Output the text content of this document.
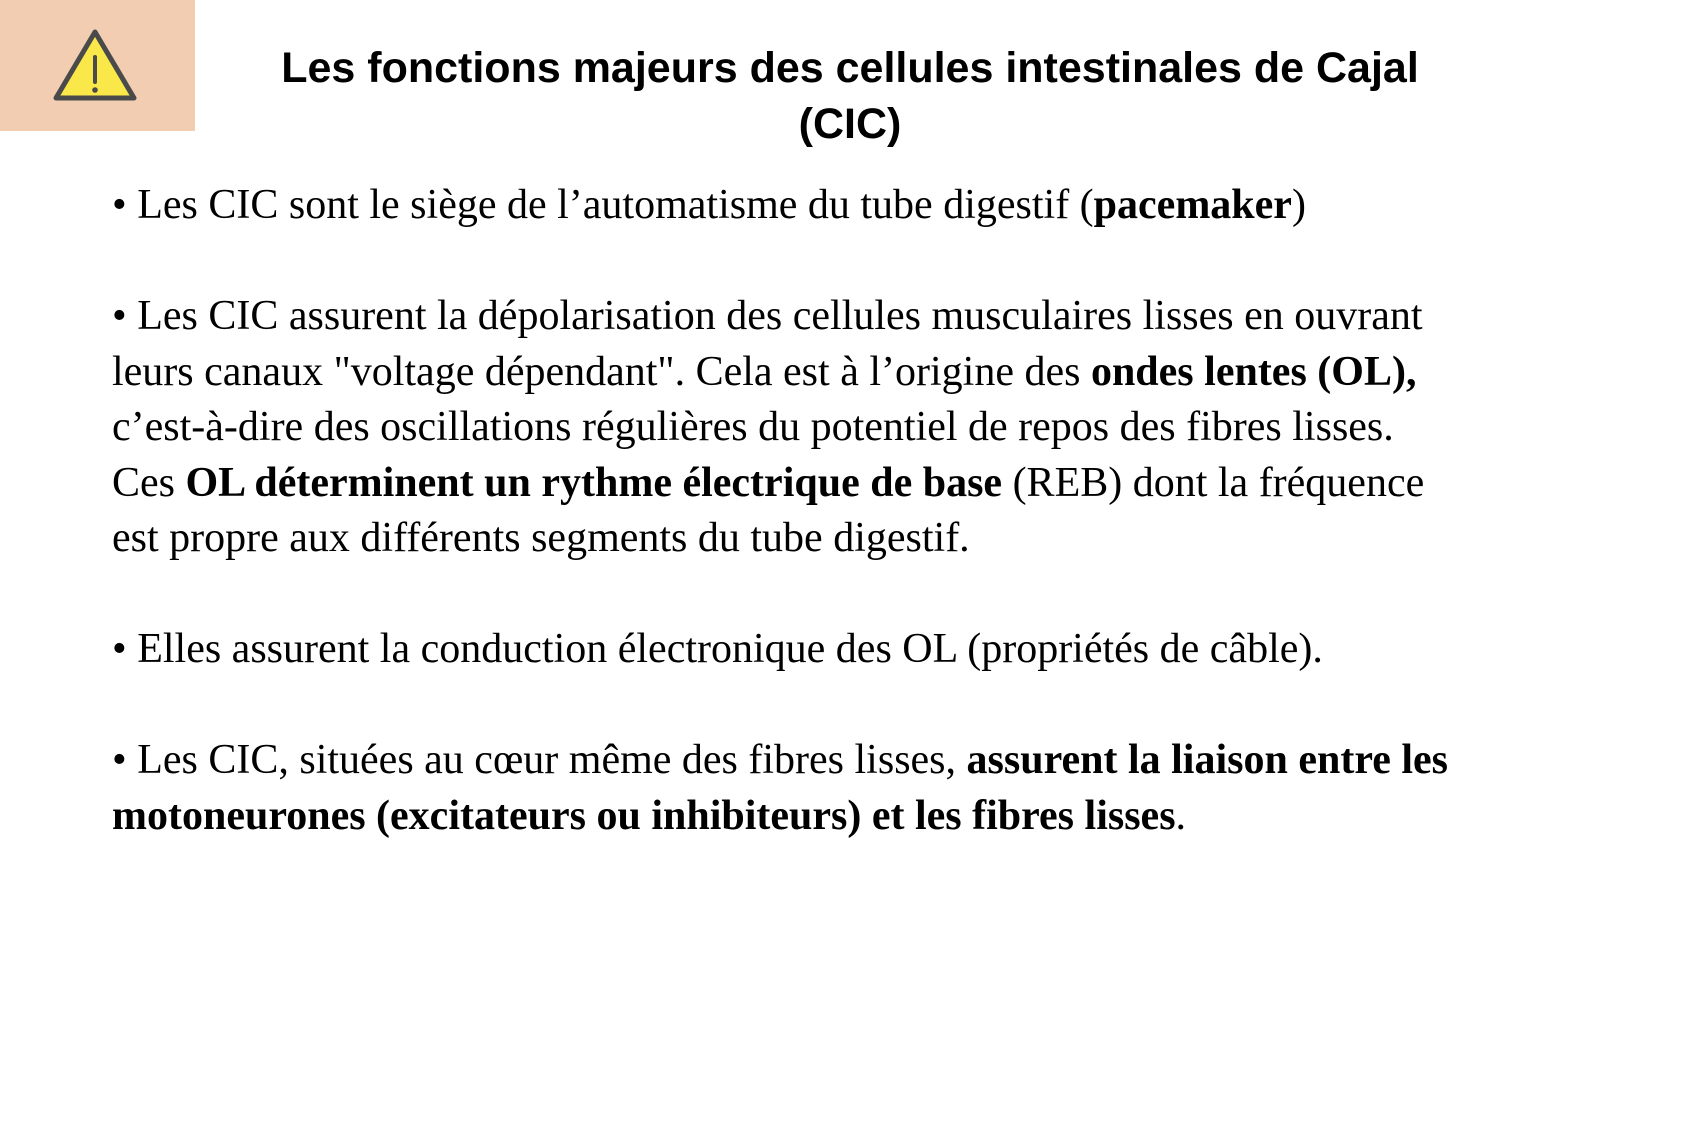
Les fonctions majeurs des cellules intestinales de Cajal (CIC)

• Les CIC sont le siège de l’automatisme du tube digestif (pacemaker)

• Les CIC assurent la dépolarisation des cellules musculaires lisses en ouvrant leurs canaux "voltage dépendant". Cela est à l’origine des ondes lentes (OL), c’est-à-dire des oscillations régulières du potentiel de repos des fibres lisses. Ces OL déterminent un rythme électrique de base (REB) dont la fréquence est propre aux différents segments du tube digestif.

• Elles assurent la conduction électronique des OL (propriétés de câble).

• Les CIC, situées au cœur même des fibres lisses, assurent la liaison entre les motoneurones (excitateurs ou inhibiteurs) et les fibres lisses.
